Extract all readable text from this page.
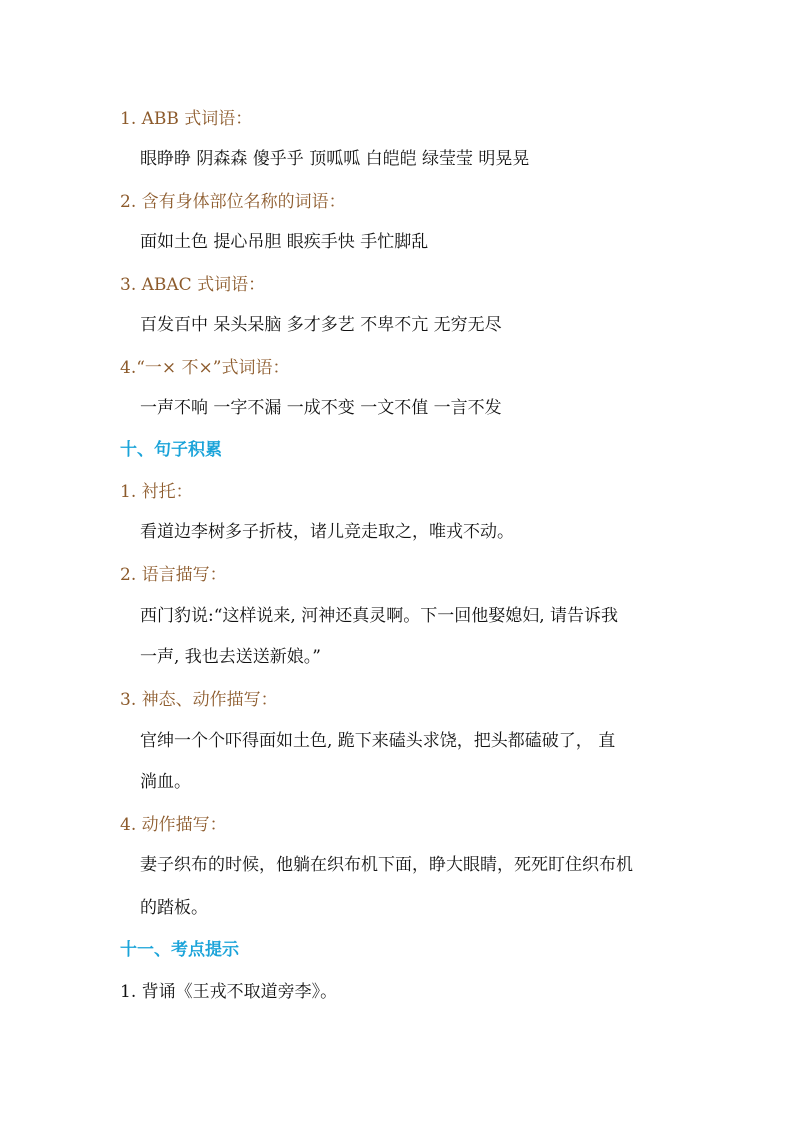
1. ABB 式词语：
眼睁睁 阴森森 傻乎乎 顶呱呱 白皑皑 绿莹莹 明晃晃
2. 含有身体部位名称的词语：
面如土色 提心吊胆 眼疾手快 手忙脚乱
3. ABAC 式词语：
百发百中 呆头呆脑 多才多艺 不卑不亢 无穷无尽
4.“一× 不×”式词语：
一声不响 一字不漏 一成不变 一文不值 一言不发
十、句子积累
1. 衬托：
看道边李树多子折枝，诸儿竞走取之，唯戎不动。
2. 语言描写：
西门豹说:“这样说来, 河神还真灵啊。下一回他娶媳妇, 请告诉我
一声, 我也去送送新娘。”
3. 神态、动作描写：
官绅一个个吓得面如土色, 跪下来磕头求饶，把头都磕破了， 直
淌血。
4. 动作描写：
妻子织布的时候，他躺在织布机下面，睁大眼睛，死死盯住织布机
的踏板。
十一、考点提示
1. 背诵《王戎不取道旁李》。
